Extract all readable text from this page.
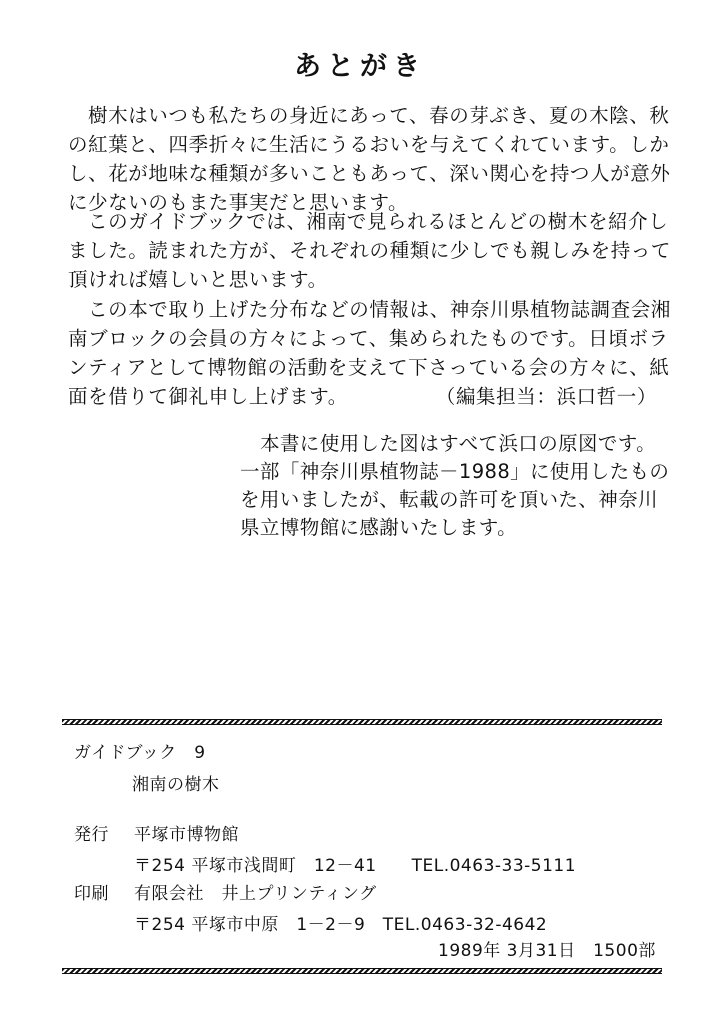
あとがき

樹木はいつも私たちの身近にあって、春の芽ぶき、夏の木陰、秋

の紅葉と、四季折々に生活にうるおいを与えてくれています。しか

し、花が地味な種類が多いこともあって、深い関心を持つ人が意外

に少ないのもまた事実だと思います。

このガイドブックでは、湘南で見られるほとんどの樹木を紹介し

ました。読まれた方が、それぞれの種類に少しでも親しみを持って

頂ければ嬉しいと思います。

この本で取り上げた分布などの情報は、神奈川県植物誌調査会湘

南ブロックの会員の方々によって、集められたものです。日頃ボラ

ンティアとして博物館の活動を支えて下さっている会の方々に、紙

面を借りて御礼申し上げます。	（編集担当：浜口哲一）

本書に使用した図はすべて浜口の原図です。

一部「神奈川県植物誌－1988」に使用したもの

を用いましたが、転載の許可を頂いた、神奈川

県立博物館に感謝いたします。

ガイドブック　9
湘南の樹木
発行 平塚市博物館
〒254 平塚市浅間町　12－41　　TEL.0463-33-5111
印刷 有限会社　井上プリンティング
〒254 平塚市中原　1－2－9　TEL.0463-32-4642
1989年 3月31日　1500部
